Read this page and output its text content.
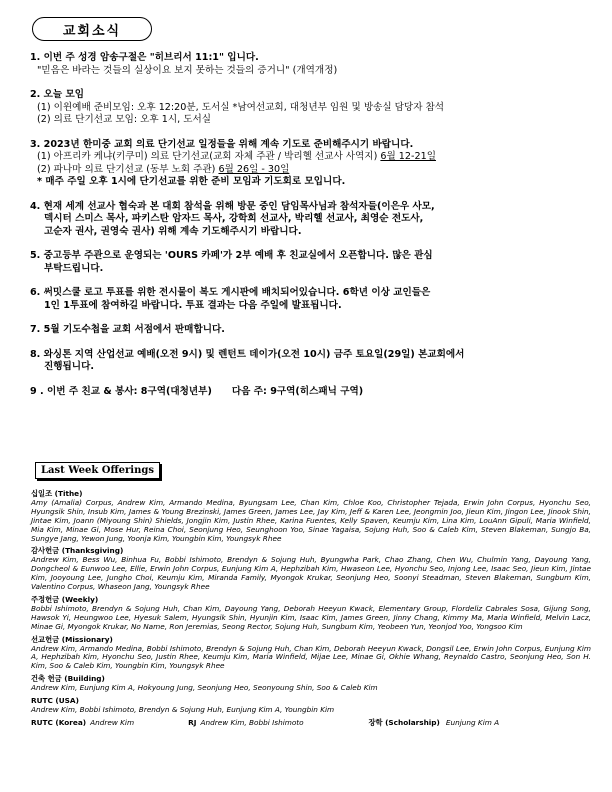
교회소식
1. 이번 주 성경 암송구절은 "히브리서 11:1" 입니다.
"믿음은 바라는 것들의 실상이요 보지 못하는 것들의 증거니" (개역개정)
2. 오늘 모임
(1) 이윈예배 준비모임: 오후 12:20분, 도서실 *남여선교회, 대청년부 임원 및 방송실 담당자 참석
(2) 의료 단기선교 모임: 오후 1시, 도서실
3. 2023년 한미중 교회 의료 단기선교 일정들을 위해 계속 기도로 준비해주시기 바랍니다.
(1) 아프리카 케냐(키쿠미) 의료 단기선교(교회 자체 주관 / 박리헬 선교사 사역지) 6월 12-21일
(2) 파나마 의료 단기선교 (동부 노회 주관) 6월 26일 - 30일
* 매주 주일 오후 1시에 단기선교를 위한 준비 모임과 기도회로 모입니다.
4. 현재 세계 선교사 협숙과 본 대회 참석을 위해 방문 중인 담임목사님과 참석자들(이은우 사모,
덱시터 스미스 목사, 파키스탄 암자드 목사, 강학희 선교사, 박리헬 선교사, 최영순 전도사,
고순자 권사, 권영숙 권사) 위해 계속 기도해주시기 바랍니다.
5. 중고등부 주관으로 운영되는 'OURS 카페'가 2부 예배 후 친교실에서 오픈합니다. 많은 관심
부탁드립니다.
6. 써밋스쿨 로고 투표를 위한 전시물이 복도 게시판에 배치되어있습니다. 6학년 이상 교인들은
1인 1투표에 참여하길 바랍니다. 투표 결과는 다음 주일에 발표됩니다.
7. 5월 기도수첩을 교회 서점에서 판매합니다.
8. 와싱톤 지역 산업선교 예배(오전 9시) 및 렌턴트 데이가(오전 10시) 금주 토요일(29일) 본교회에서
진행됩니다.
9 . 이번 주 친교 & 봉사: 8구역(대청년부) 다음 주: 9구역(히스패닉 구역)
Last Week Offerings
십일조 (Tithe)
Amy (Amalia) Corpus, Andrew Kim, Armando Medina, Byungsam Lee, Chan Kim, Chloe Koo, Christopher Tejada, Erwin John Corpus, Hyonchu Seo, Hyungsik Shin, Insub Kim, James & Young Brezinski, James Green, James Lee, Jay Kim, Jeff & Karen Lee, Jeongmin Joo, Jieun Kim, Jingon Lee, Jinook Shin, Jintae Kim, Joann (Miyoung Shin) Shields, Jongjin Kim, Justin Rhee, Karina Fuentes, Kelly Spaven, Keumju Kim, Lina Kim, LouAnn Gipuli, Maria Winfield, Mia Kim, Minae Gi, Mose Hur, Reina Choi, Seonjung Heo, Seunghoon Yoo, Sinae Yagaisa, Sojung Huh, Soo & Caleb Kim, Steven Blakeman, Sungjo Ba, Sungye Jang, Yewon Jung, Yoonja Kim, Youngbin Kim, Youngsyk Rhee
감사헌금 (Thanksgiving)
Andrew Kim, Bess Wu, Binhua Fu, Bobbi Ishimoto, Brendyn & Sojung Huh, Byungwha Park, Chao Zhang, Chen Wu, Chulmin Yang, Dayoung Yang, Dongcheol & Eunwoo Lee, Ellie, Erwin John Corpus, Eunjung Kim A, Hephzibah Kim, Hwaseon Lee, Hyonchu Seo, Injong Lee, Isaac Seo, Jieun Kim, Jintae Kim, Jooyoung Lee, Jungho Choi, Keumju Kim, Miranda Family, Myongok Krukar, Seonjung Heo, Soonyi Steadman, Steven Blakeman, Sungbum Kim, Valentino Corpus, Whaseon Jang, Youngsyk Rhee
주정헌금 (Weekly)
Bobbi Ishimoto, Brendyn & Sojung Huh, Chan Kim, Dayoung Yang, Deborah Heeyun Kwack, Elementary Group, Flordeliz Cabrales Sosa, Gijung Song, Hawsok Yi, Heungwoo Lee, Hyesuk Salem, Hyungsik Shin, Hyunjin Kim, Isaac Kim, James Green, Jinny Chang, Kimmy Ma, Maria Winfield, Melvin Lacz, Minae Gi, Myongok Krukar, No Name, Ron Jeremias, Seong Rector, Sojung Huh, Sungbum Kim, Yeobeen Yun, Yeonjod Yoo, Yongsoo Kim
선교헌금 (Missionary)
Andrew Kim, Armando Medina, Bobbi Ishimoto, Brendyn & Sojung Huh, Chan Kim, Deborah Heeyun Kwack, Dongsil Lee, Erwin John Corpus, Eunjung Kim A, Hephzibah Kim, Hyonchu Seo, Justin Rhee, Keumju Kim, Maria Winfield, Mijae Lee, Minae Gi, Okhie Whang, Reynaldo Castro, Seonjung Heo, Son H. Kim, Soo & Caleb Kim, Youngbin Kim, Youngsyk Rhee
건축 헌금 (Building)
Andrew Kim, Eunjung Kim A, Hokyoung Jung, Seonjung Heo, Seonyoung Shin, Soo & Caleb Kim
RUTC (USA)
Andrew Kim, Bobbi Ishimoto, Brendyn & Sojung Huh, Eunjung Kim A, Youngbin Kim
RUTC (Korea) Andrew Kim	RJ Andrew Kim, Bobbi Ishimoto	장학 (Scholarship) Eunjung Kim A
